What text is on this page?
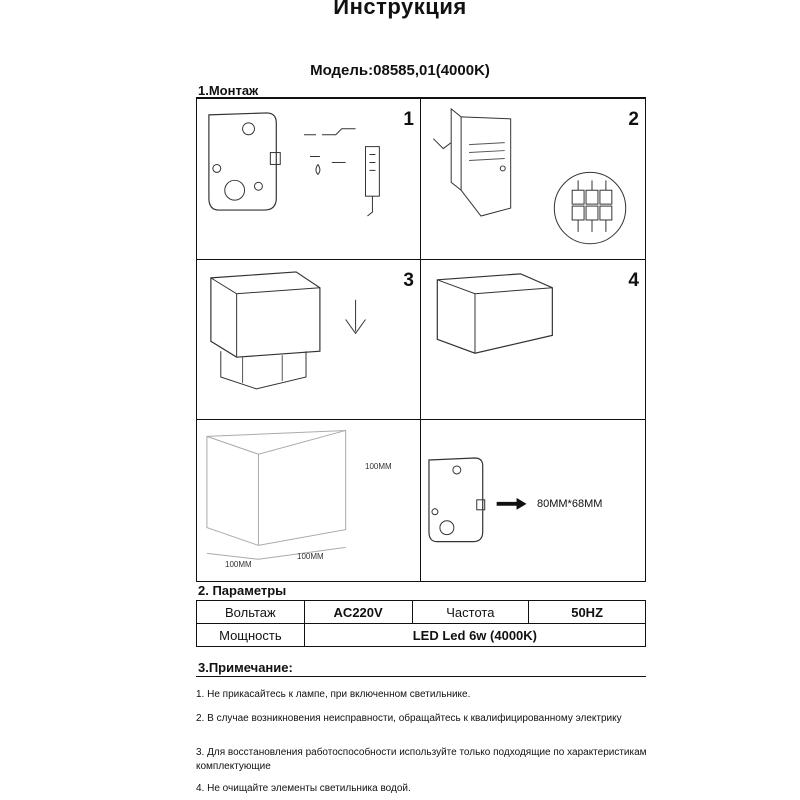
Инструкция
Модель:08585,01(4000K)
1.Монтаж
1	2
3	4
100MM
100MM
100MM
80MM*68MM
2. Параметры
Вольтаж	AC220V	Частота	50HZ
Мощность	LED Led 6w (4000K)		
3.Примечание:
1. Не прикасайтесь к лампе, при включенном светильнике.
2. В случае возникновения неисправности, обращайтесь к квалифицированному электрику
3. Для восстановления работоспособности используйте только подходящие по характеристикам комплектующие
4. Не очищайте элементы светильника водой.
